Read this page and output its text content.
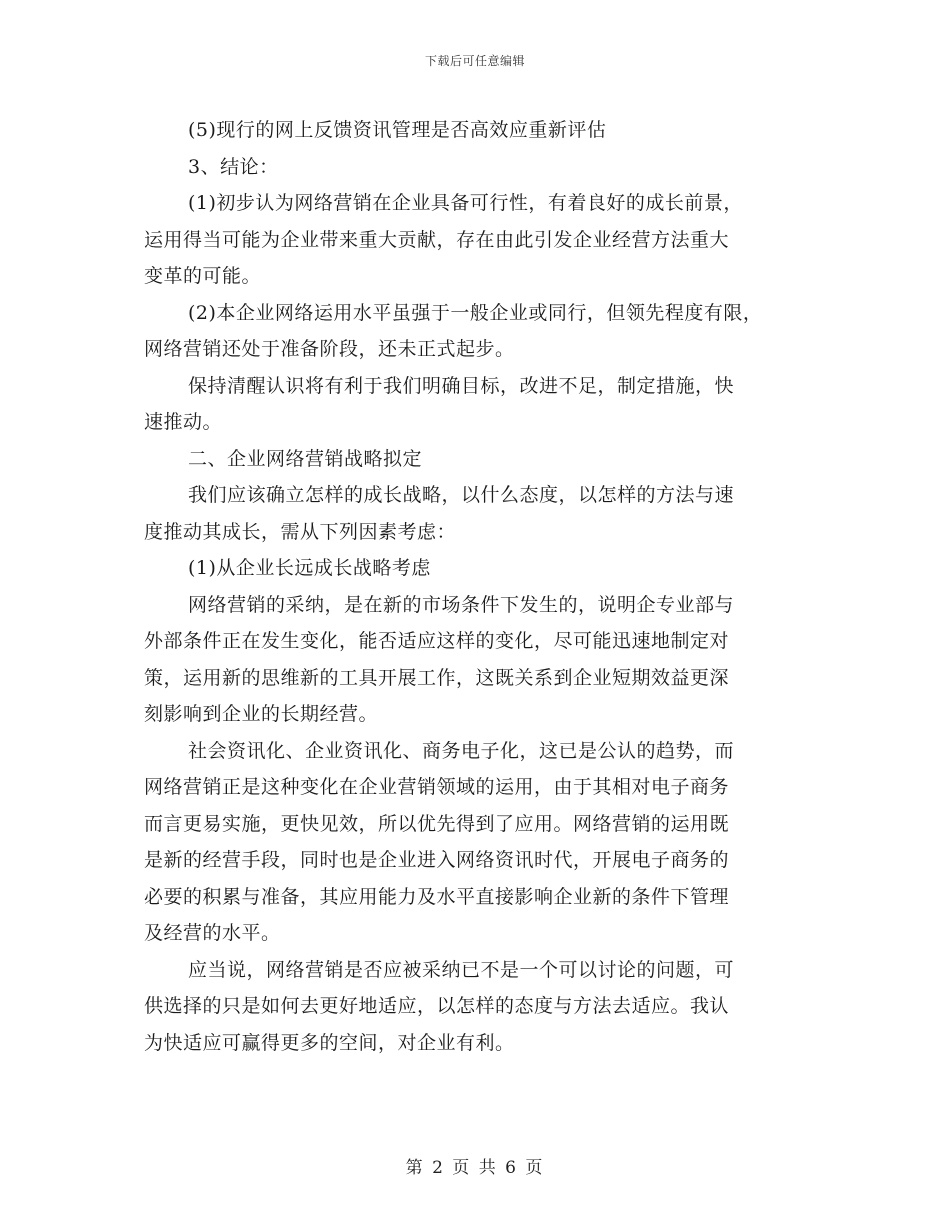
下载后可任意编辑
(5)现行的网上反馈资讯管理是否高效应重新评估
3、结论：
(1)初步认为网络营销在企业具备可行性，有着良好的成长前景，
运用得当可能为企业带来重大贡献，存在由此引发企业经营方法重大
变革的可能。
(2)本企业网络运用水平虽强于一般企业或同行，但领先程度有限，
网络营销还处于准备阶段，还未正式起步。
保持清醒认识将有利于我们明确目标，改进不足，制定措施，快
速推动。
二、企业网络营销战略拟定
我们应该确立怎样的成长战略，以什么态度，以怎样的方法与速
度推动其成长，需从下列因素考虑：
(1)从企业长远成长战略考虑
网络营销的采纳，是在新的市场条件下发生的，说明企专业部与
外部条件正在发生变化，能否适应这样的变化，尽可能迅速地制定对
策，运用新的思维新的工具开展工作，这既关系到企业短期效益更深
刻影响到企业的长期经营。
社会资讯化、企业资讯化、商务电子化，这已是公认的趋势，而
网络营销正是这种变化在企业营销领域的运用，由于其相对电子商务
而言更易实施，更快见效，所以优先得到了应用。网络营销的运用既
是新的经营手段，同时也是企业进入网络资讯时代，开展电子商务的
必要的积累与准备，其应用能力及水平直接影响企业新的条件下管理
及经营的水平。
应当说，网络营销是否应被采纳已不是一个可以讨论的问题，可
供选择的只是如何去更好地适应，以怎样的态度与方法去适应。我认
为快适应可赢得更多的空间，对企业有利。
第 2 页 共 6 页
